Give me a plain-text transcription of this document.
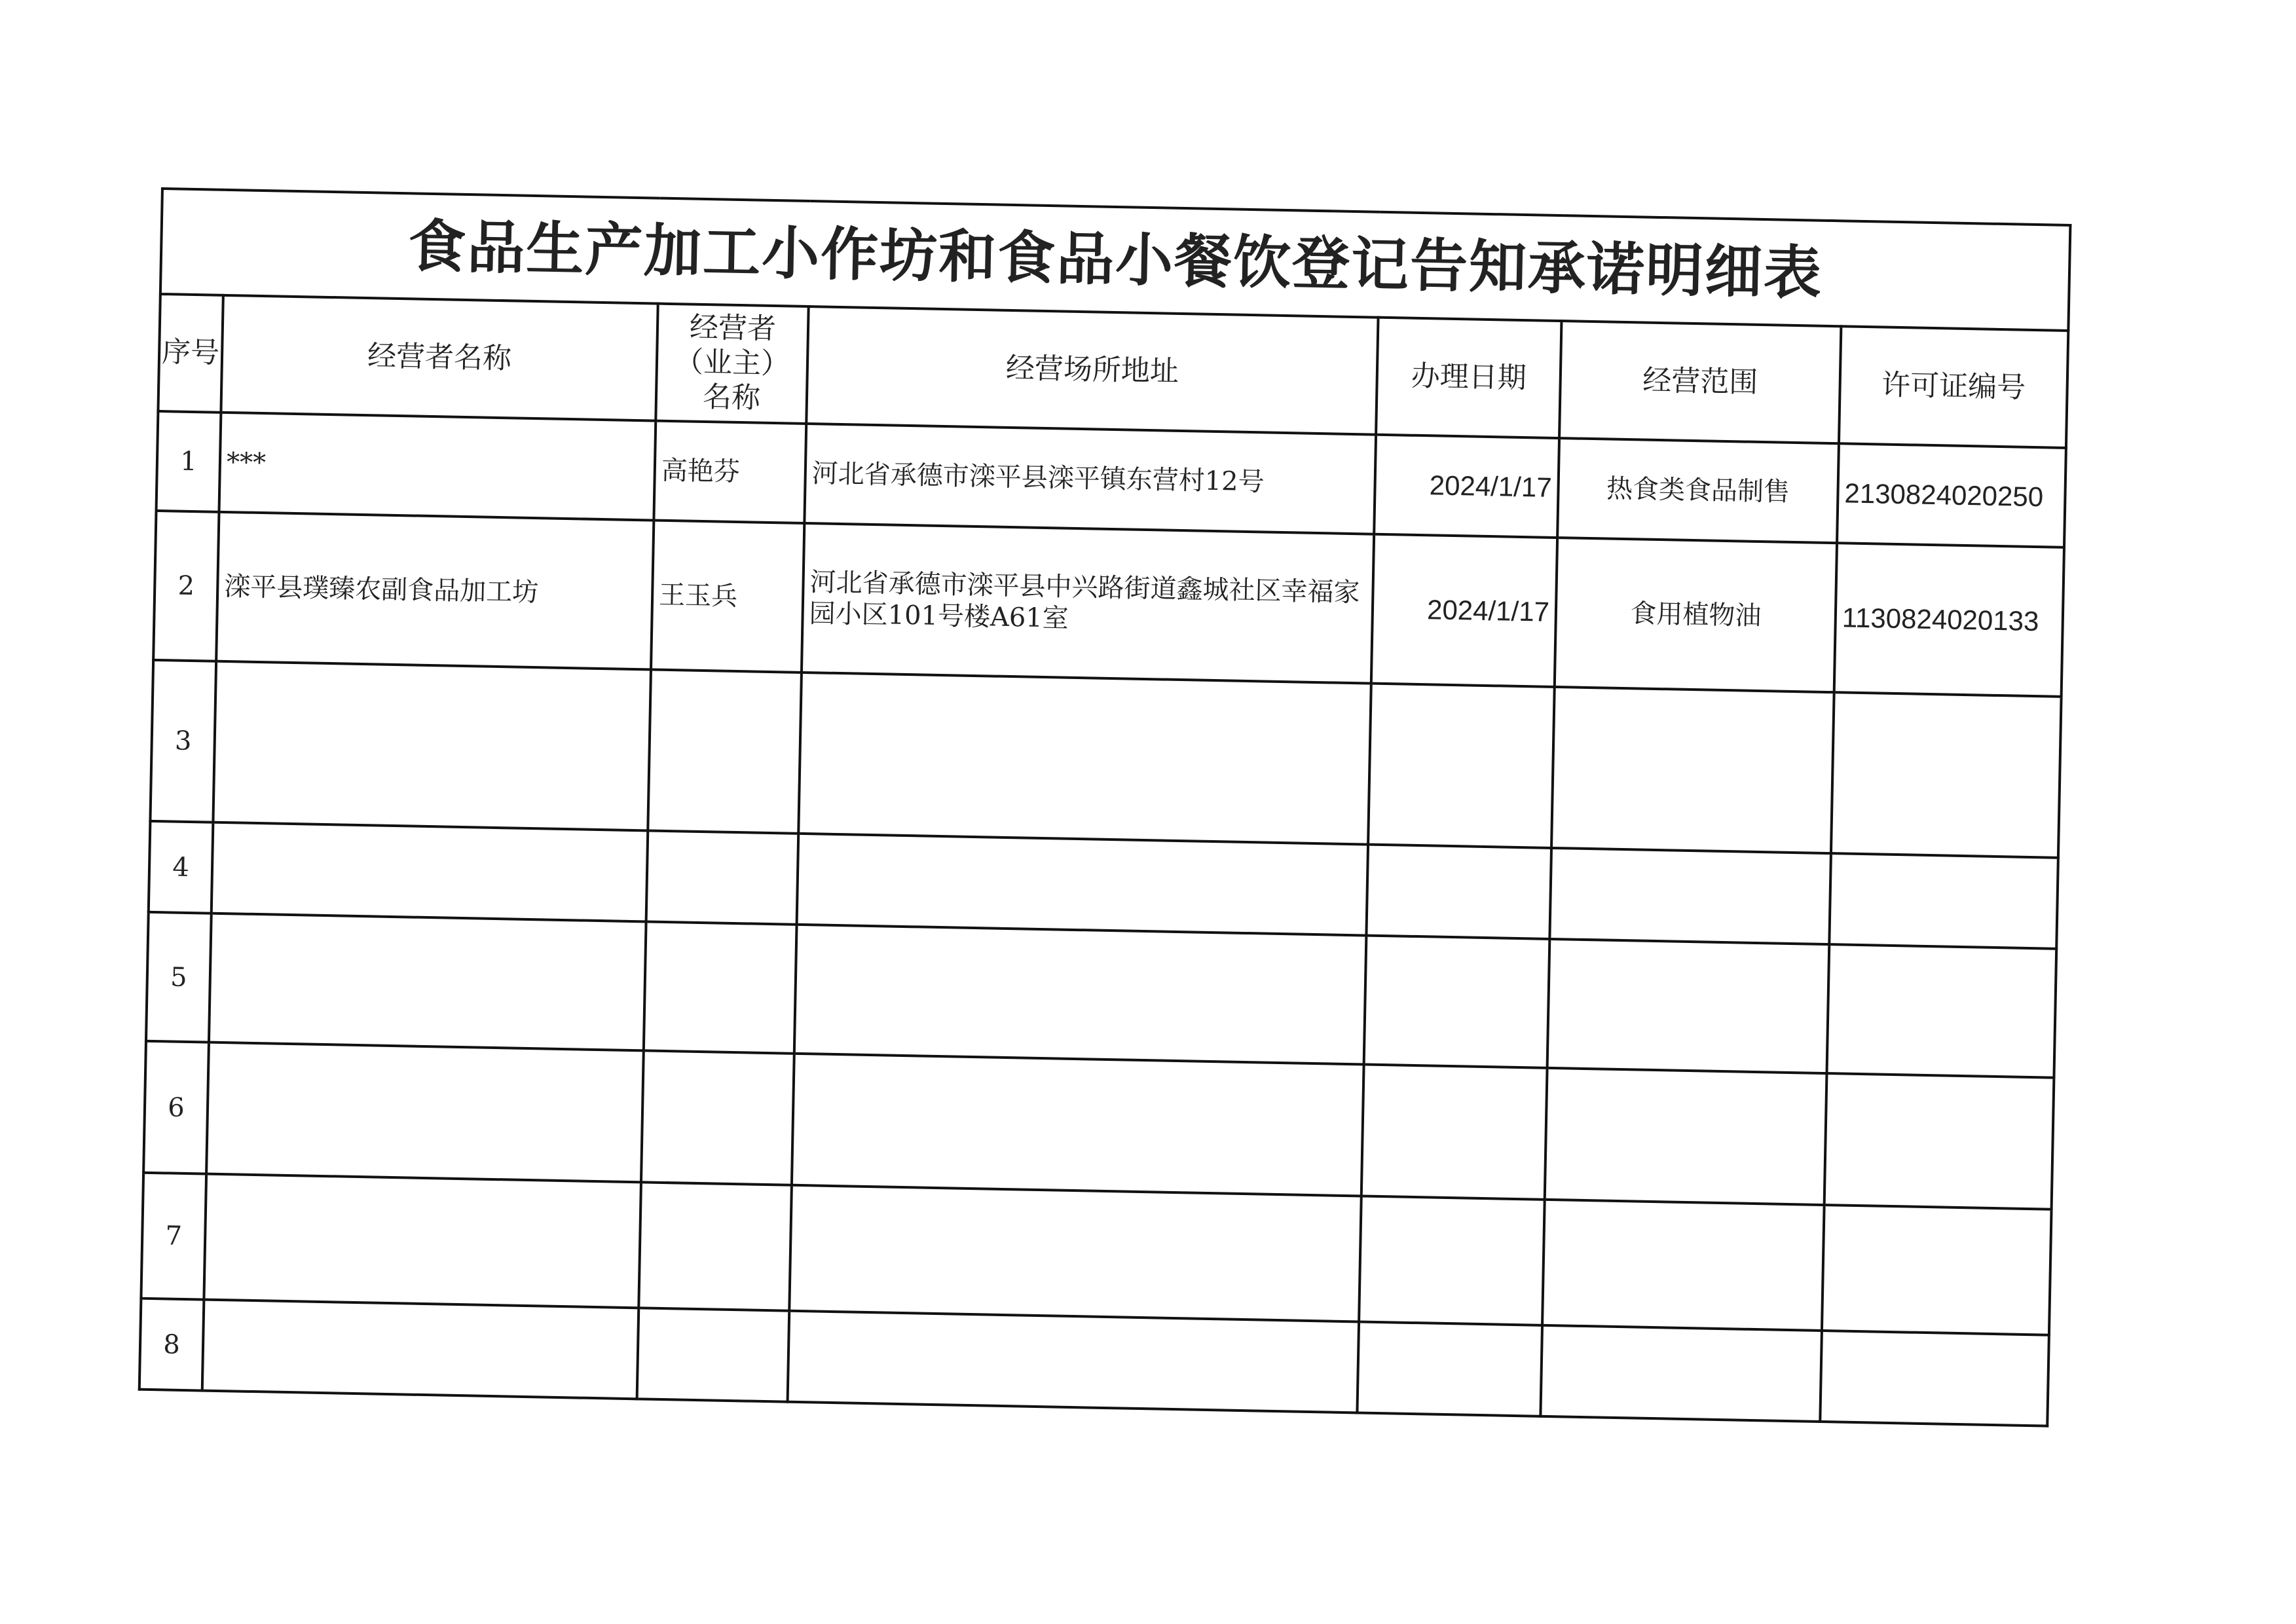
食品生产加工小作坊和食品小餐饮登记告知承诺明细表						
序号	经营者名称	经营者（业主）名称	经营场所地址	办理日期	经营范围	许可证编号
1	***	高艳芬	河北省承德市滦平县滦平镇东营村12号	2024/1/17	热食类食品制售	2130824020250
2	滦平县璞臻农副食品加工坊	王玉兵	河北省承德市滦平县中兴路街道鑫城社区幸福家园小区101号楼A61室	2024/1/17	食用植物油	1130824020133
3						
4						
5						
6						
7						
8						
